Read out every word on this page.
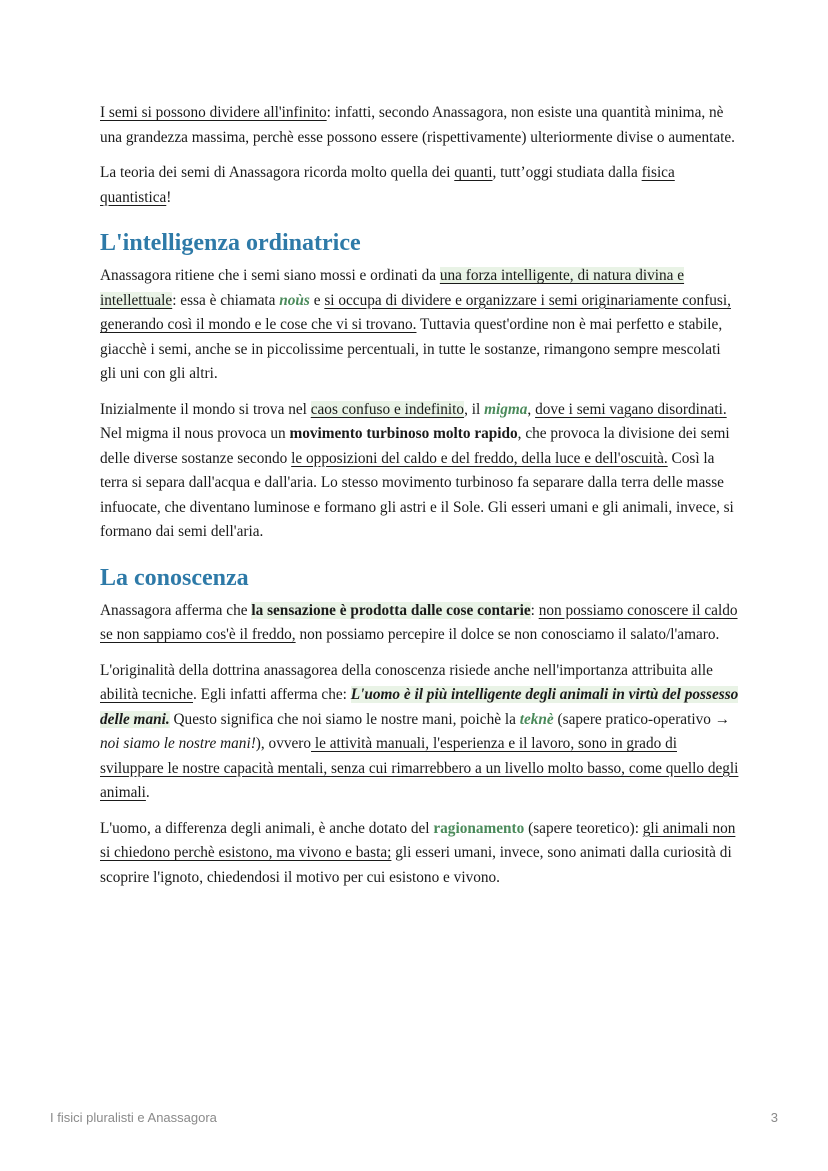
I semi si possono dividere all'infinito: infatti, secondo Anassagora, non esiste una quantità minima, nè una grandezza massima, perchè esse possono essere (rispettivamente) ulteriormente divise o aumentate.

La teoria dei semi di Anassagora ricorda molto quella dei quanti, tutt’oggi studiata dalla fisica quantistica!

L'intelligenza ordinatrice

Anassagora ritiene che i semi siano mossi e ordinati da una forza intelligente, di natura divina e intellettuale: essa è chiamata noùs e si occupa di dividere e organizzare i semi originariamente confusi, generando così il mondo e le cose che vi si trovano. Tuttavia quest'ordine non è mai perfetto e stabile, giacchè i semi, anche se in piccolissime percentuali, in tutte le sostanze, rimangono sempre mescolati gli uni con gli altri.

Inizialmente il mondo si trova nel caos confuso e indefinito, il migma, dove i semi vagano disordinati. Nel migma il nous provoca un movimento turbinoso molto rapido, che provoca la divisione dei semi delle diverse sostanze secondo le opposizioni del caldo e del freddo, della luce e dell'oscuità. Così la terra si separa dall'acqua e dall'aria. Lo stesso movimento turbinoso fa separare dalla terra delle masse infuocate, che diventano luminose e formano gli astri e il Sole. Gli esseri umani e gli animali, invece, si formano dai semi dell'aria.

La conoscenza

Anassagora afferma che la sensazione è prodotta dalle cose contarie: non possiamo conoscere il caldo se non sappiamo cos'è il freddo, non possiamo percepire il dolce se non conosciamo il salato/l'amaro.

L'originalità della dottrina anassagorea della conoscenza risiede anche nell'importanza attribuita alle abilità tecniche. Egli infatti afferma che: L'uomo è il più intelligente degli animali in virtù del possesso delle mani. Questo significa che noi siamo le nostre mani, poichè la teknè (sapere pratico-operativo → noi siamo le nostre mani!), ovvero le attività manuali, l'esperienza e il lavoro, sono in grado di sviluppare le nostre capacità mentali, senza cui rimarrebbero a un livello molto basso, come quello degli animali.

L'uomo, a differenza degli animali, è anche dotato del ragionamento (sapere teoretico): gli animali non si chiedono perchè esistono, ma vivono e basta; gli esseri umani, invece, sono animati dalla curiosità di scoprire l'ignoto, chiedendosi il motivo per cui esistono e vivono.

I fisici pluralisti e Anassagora	3
